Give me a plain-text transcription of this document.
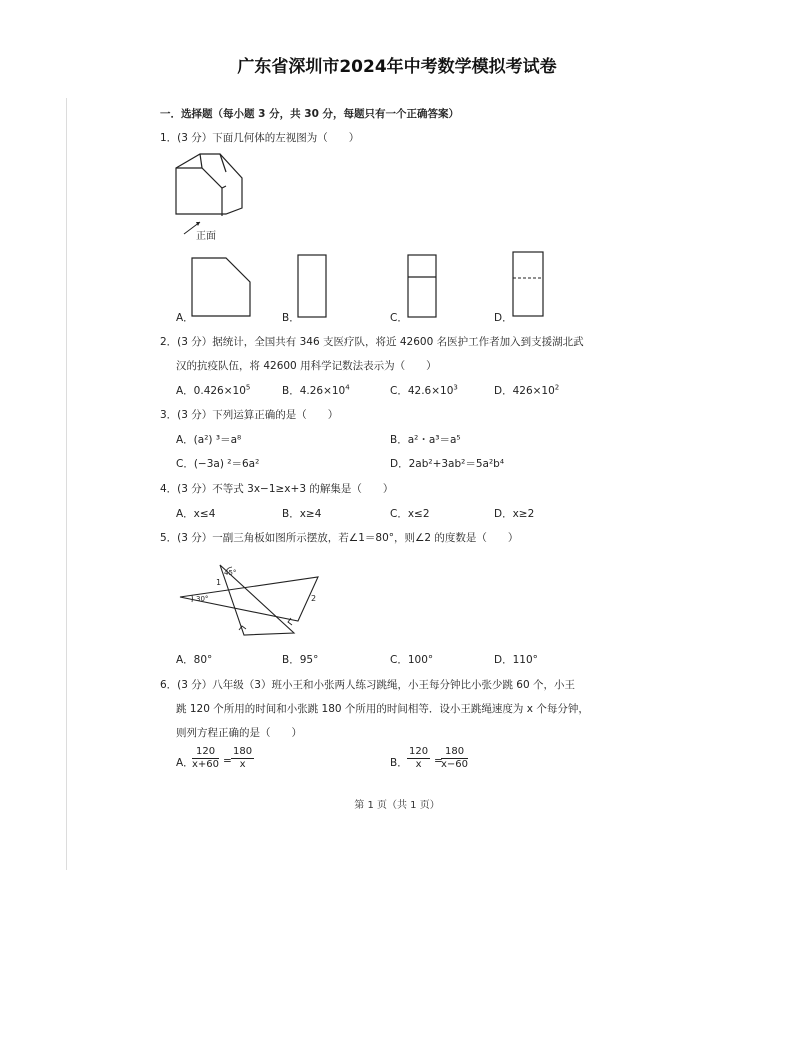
广东省深圳市2024年中考数学模拟考试卷
一．选择题（每小题 3 分，共 30 分，每题只有一个正确答案）
1．(3 分）下面几何体的左视图为（　　）
正面
A．	B．	C．	D．
2．(3 分）据统计，全国共有 346 支医疗队，将近 42600 名医护工作者加入到支援湖北武
汉的抗疫队伍，将 42600 用科学记数法表示为（　　）
A．$0.426\times 10^5$	B．$4.26\times 10^4$	C．$42.6\times 10^3$	D．$426\times 10^2$
3．(3 分）下列运算正确的是（　　）
A．(a²) ³＝a⁸	B．a²・a³＝a⁵
C．(−3a) ²＝6a²	D．2ab²+3ab²＝5a²b⁴
4．(3 分）不等式 3x−1≥x+3 的解集是（　　）
A．x≤4	B．x≥4	C．x≤2	D．x≥2
5．(3 分）一副三角板如图所示摆放，若∠1＝80°，则∠2 的度数是（　　）
30°
45°
1
2
A．80°	B．95°	C．100°	D．110°
6．(3 分）八年级（3）班小王和小张两人练习跳绳，小王每分钟比小张少跳 60 个，小王
跳 120 个所用的时间和小张跳 180 个所用的时间相等．设小王跳绳速度为 x 个每分钟，
则列方程正确的是（　　）
A．
$\frac{120}{x+60} = \frac{180}{x}$	B． $\frac{120}{x}$ =
$\frac{180}{x-60}$
第 1 页（共 1 页）
